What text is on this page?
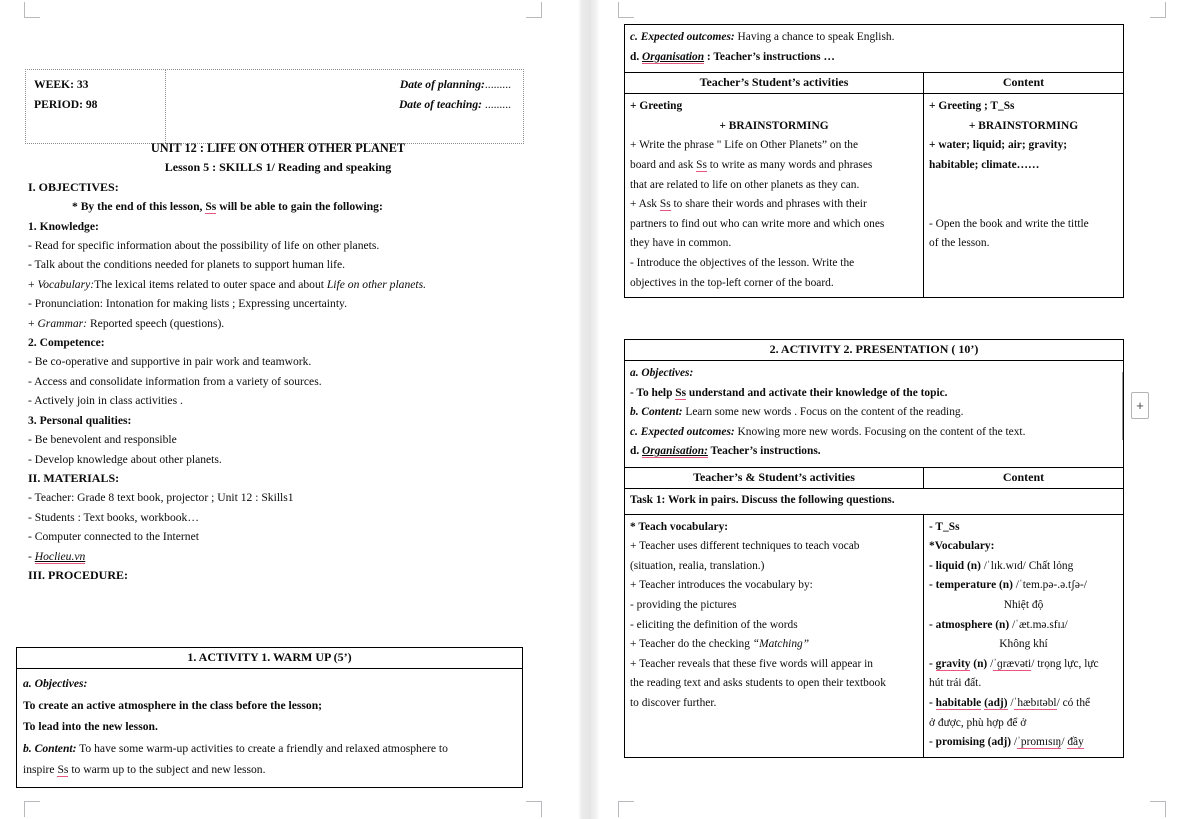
WEEK: 33
PERIOD: 98
Date of planning:.........
Date of teaching: .........
UNIT 12 : LIFE ON OTHER OTHER PLANET
Lesson 5 : SKILLS 1/ Reading and speaking
I. OBJECTIVES:
* By the end of this lesson, Ss will be able to gain the following:
1. Knowledge:
- Read for specific information about the possibility of life on other planets.
- Talk about the conditions needed for planets to support human life.
+ Vocabulary:The lexical items related to outer space and about Life on other planets.
- Pronunciation: Intonation for making lists ; Expressing uncertainty.
+ Grammar: Reported speech (questions).
2. Competence:
- Be co-operative and supportive in pair work and teamwork.
- Access and consolidate information from a variety of sources.
- Actively join in class activities .
3. Personal qualities:
- Be benevolent and responsible
- Develop knowledge about other planets.
II. MATERIALS:
- Teacher: Grade 8 text book, projector ; Unit 12 : Skills1
- Students : Text books, workbook…
- Computer connected to the Internet
- Hoclieu.vn
III. PROCEDURE:
1. ACTIVITY 1. WARM UP (5’)
a. Objectives:
To create an active atmosphere in the class before the lesson;
To lead into the new lesson.
b. Content: To have some warm-up activities to create a friendly and relaxed atmosphere to
inspire Ss to warm up to the subject and new lesson.
c. Expected outcomes: Having a chance to speak English.
d. Organisation : Teacher’s instructions …
Teacher’s Student’s activities	Content
+ Greeting
+ BRAINSTORMING
+ Write the phrase " Life on Other Planets” on the
board and ask Ss to write as many words and phrases
that are related to life on other planets as they can.
+ Ask Ss to share their words and phrases with their
partners to find out who can write more and which ones
they have in common.
- Introduce the objectives of the lesson. Write the
objectives in the top-left corner of the board.
+ Greeting ; T_Ss
+ BRAINSTORMING
+ water; liquid; air; gravity;
habitable; climate……

- Open the book and write the tittle
of the lesson.
2. ACTIVITY 2. PRESENTATION ( 10’)
a. Objectives:
- To help Ss understand and activate their knowledge of the topic.
b. Content: Learn some new words . Focus on the content of the reading.
c. Expected outcomes: Knowing more new words. Focusing on the content of the text.
d. Organisation: Teacher’s instructions.
Teacher’s & Student’s activities	Content
Task 1: Work in pairs. Discuss the following questions.
* Teach vocabulary:
+ Teacher uses different techniques to teach vocab
(situation, realia, translation.)
+ Teacher introduces the vocabulary by:
- providing the pictures
- eliciting the definition of the words
+ Teacher do the checking “Matching”
+ Teacher reveals that these five words will appear in
the reading text and asks students to open their textbook
to discover further.
- T_Ss
*Vocabulary:
- liquid (n) /ˈlɪk.wɪd/ Chất lỏng
- temperature (n) /ˈtem.pə-.ə.tʃə-/
Nhiệt độ
- atmosphere (n) /ˈæt.mə.sfɪɹ/
Không khí
- gravity (n) /ˈɡrævəti/ trọng lực, lực
hút trái đất.
- habitable (adj) /ˈhæbɪtəbl/ có thể
ở được, phù hợp để ở
- promising (adj) /ˈpromɪsɪŋ/ đầy
+
